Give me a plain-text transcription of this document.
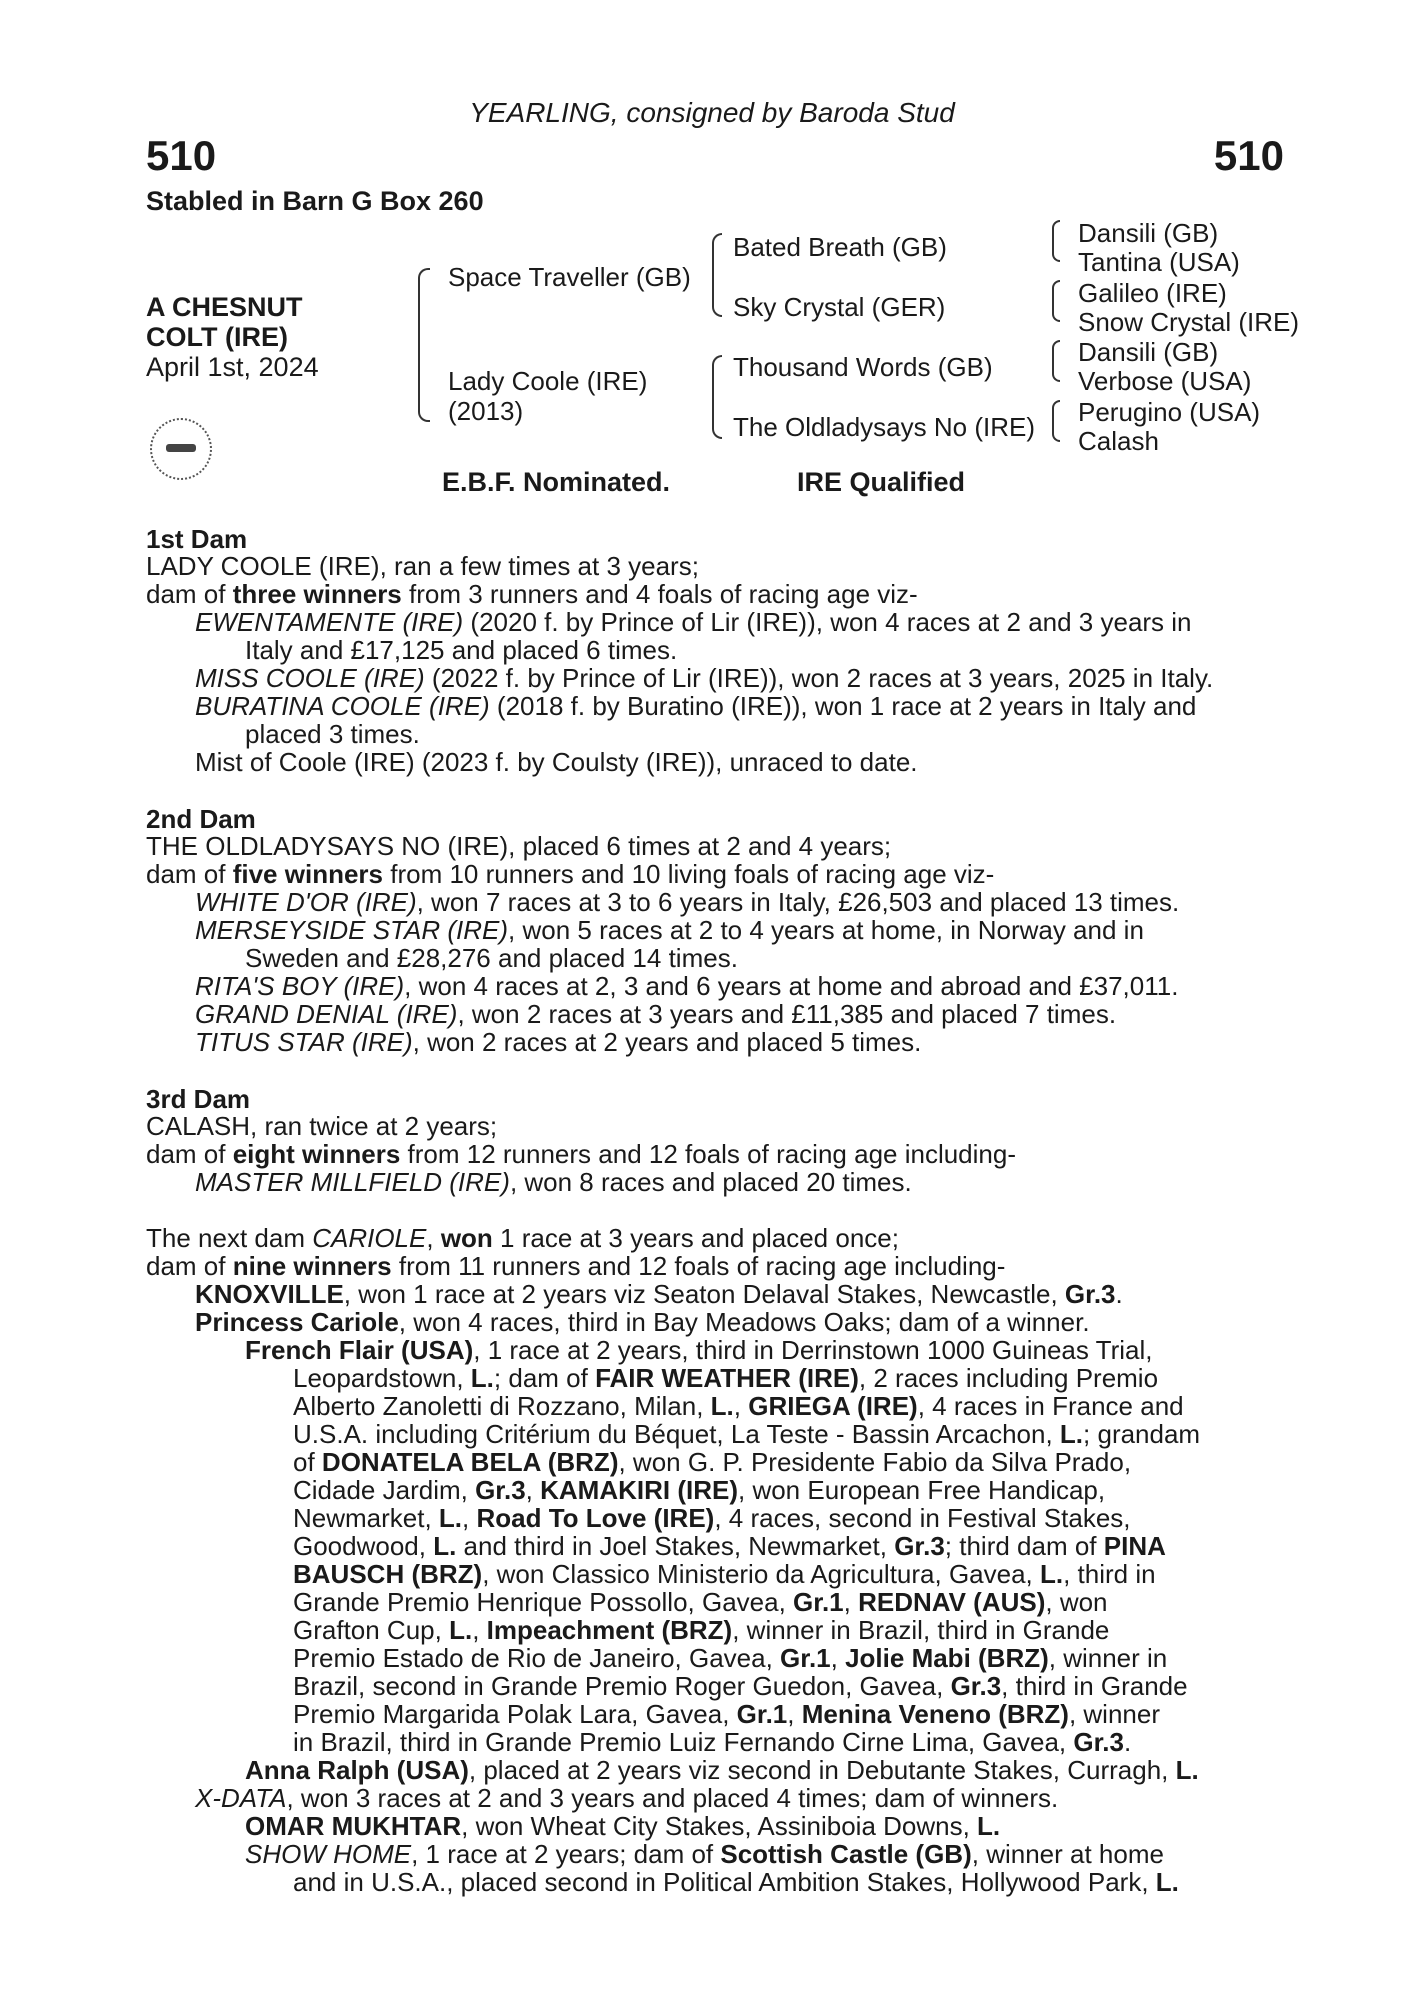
YEARLING, consigned by Baroda Stud
510	510
Stabled in Barn G Box 260
A CHESNUT
COLT (IRE)
April 1st, 2024
Space Traveller (GB)
Lady Coole (IRE)
(2013)
Bated Breath (GB)
Sky Crystal (GER)
Thousand Words (GB)
The Oldladysays No (IRE)
Dansili (GB)
Tantina (USA)
Galileo (IRE)
Snow Crystal (IRE)
Dansili (GB)
Verbose (USA)
Perugino (USA)
Calash
E.B.F. Nominated.	IRE Qualified
1st Dam
LADY COOLE (IRE), ran a few times at 3 years;
dam of three winners from 3 runners and 4 foals of racing age viz-
EWENTAMENTE (IRE) (2020 f. by Prince of Lir (IRE)), won 4 races at 2 and 3 years in
Italy and £17,125 and placed 6 times.
MISS COOLE (IRE) (2022 f. by Prince of Lir (IRE)), won 2 races at 3 years, 2025 in Italy.
BURATINA COOLE (IRE) (2018 f. by Buratino (IRE)), won 1 race at 2 years in Italy and
placed 3 times.
Mist of Coole (IRE) (2023 f. by Coulsty (IRE)), unraced to date.
2nd Dam
THE OLDLADYSAYS NO (IRE), placed 6 times at 2 and 4 years;
dam of five winners from 10 runners and 10 living foals of racing age viz-
WHITE D'OR (IRE), won 7 races at 3 to 6 years in Italy, £26,503 and placed 13 times.
MERSEYSIDE STAR (IRE), won 5 races at 2 to 4 years at home, in Norway and in
Sweden and £28,276 and placed 14 times.
RITA'S BOY (IRE), won 4 races at 2, 3 and 6 years at home and abroad and £37,011.
GRAND DENIAL (IRE), won 2 races at 3 years and £11,385 and placed 7 times.
TITUS STAR (IRE), won 2 races at 2 years and placed 5 times.
3rd Dam
CALASH, ran twice at 2 years;
dam of eight winners from 12 runners and 12 foals of racing age including-
MASTER MILLFIELD (IRE), won 8 races and placed 20 times.
The next dam CARIOLE, won 1 race at 3 years and placed once;
dam of nine winners from 11 runners and 12 foals of racing age including-
KNOXVILLE, won 1 race at 2 years viz Seaton Delaval Stakes, Newcastle, Gr.3.
Princess Cariole, won 4 races, third in Bay Meadows Oaks; dam of a winner.
French Flair (USA), 1 race at 2 years, third in Derrinstown 1000 Guineas Trial,
Leopardstown, L.; dam of FAIR WEATHER (IRE), 2 races including Premio
Alberto Zanoletti di Rozzano, Milan, L., GRIEGA (IRE), 4 races in France and
U.S.A. including Critérium du Béquet, La Teste - Bassin Arcachon, L.; grandam
of DONATELA BELA (BRZ), won G. P. Presidente Fabio da Silva Prado,
Cidade Jardim, Gr.3, KAMAKIRI (IRE), won European Free Handicap,
Newmarket, L., Road To Love (IRE), 4 races, second in Festival Stakes,
Goodwood, L. and third in Joel Stakes, Newmarket, Gr.3; third dam of PINA
BAUSCH (BRZ), won Classico Ministerio da Agricultura, Gavea, L., third in
Grande Premio Henrique Possollo, Gavea, Gr.1, REDNAV (AUS), won
Grafton Cup, L., Impeachment (BRZ), winner in Brazil, third in Grande
Premio Estado de Rio de Janeiro, Gavea, Gr.1, Jolie Mabi (BRZ), winner in
Brazil, second in Grande Premio Roger Guedon, Gavea, Gr.3, third in Grande
Premio Margarida Polak Lara, Gavea, Gr.1, Menina Veneno (BRZ), winner
in Brazil, third in Grande Premio Luiz Fernando Cirne Lima, Gavea, Gr.3.
Anna Ralph (USA), placed at 2 years viz second in Debutante Stakes, Curragh, L.
X-DATA, won 3 races at 2 and 3 years and placed 4 times; dam of winners.
OMAR MUKHTAR, won Wheat City Stakes, Assiniboia Downs, L.
SHOW HOME, 1 race at 2 years; dam of Scottish Castle (GB), winner at home
and in U.S.A., placed second in Political Ambition Stakes, Hollywood Park, L.
